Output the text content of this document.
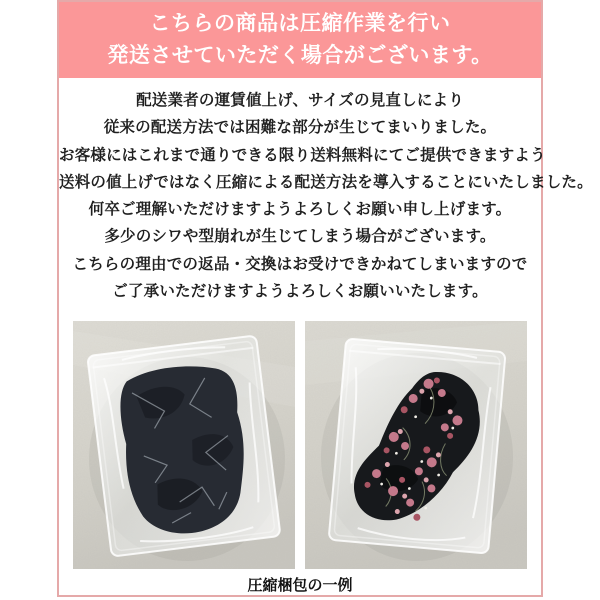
こちらの商品は圧縮作業を行い
発送させていただく場合がございます。

配送業者の運賃値上げ、サイズの見直しにより

従来の配送方法では困難な部分が生じてまいりました。

お客様にはこれまで通りできる限り送料無料にてご提供できますよう

送料の値上げではなく圧縮による配送方法を導入することにいたしました。

何卒ご理解いただけますようよろしくお願い申し上げます。

多少のシワや型崩れが生じてしまう場合がございます。

こちらの理由での返品・交換はお受けできかねてしまいますので

ご了承いただけますようよろしくお願いいたします。

圧縮梱包の一例
